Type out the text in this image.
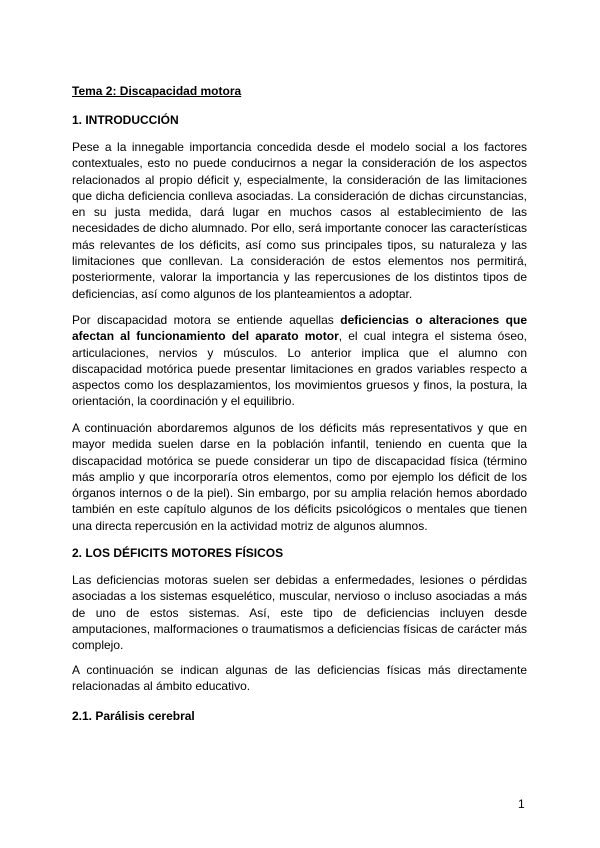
Tema 2: Discapacidad motora
1. INTRODUCCIÓN

Pese a la innegable importancia concedida desde el modelo social a los factores contextuales, esto no puede conducirnos a negar la consideración de los aspectos relacionados al propio déficit y, especialmente, la consideración de las limitaciones que dicha deficiencia conlleva asociadas. La consideración de dichas circunstancias, en su justa medida, dará lugar en muchos casos al establecimiento de las necesidades de dicho alumnado. Por ello, será importante conocer las características más relevantes de los déficits, así como sus principales tipos, su naturaleza y las limitaciones que conllevan. La consideración de estos elementos nos permitirá, posteriormente, valorar la importancia y las repercusiones de los distintos tipos de deficiencias, así como algunos de los planteamientos a adoptar.

Por discapacidad motora se entiende aquellas deficiencias o alteraciones que afectan al funcionamiento del aparato motor, el cual integra el sistema óseo, articulaciones, nervios y músculos. Lo anterior implica que el alumno con discapacidad motórica puede presentar limitaciones en grados variables respecto a aspectos como los desplazamientos, los movimientos gruesos y finos, la postura, la orientación, la coordinación y el equilibrio.

A continuación abordaremos algunos de los déficits más representativos y que en mayor medida suelen darse en la población infantil, teniendo en cuenta que la discapacidad motórica se puede considerar un tipo de discapacidad física (término más amplio y que incorporaría otros elementos, como por ejemplo los déficit de los órganos internos o de la piel). Sin embargo, por su amplia relación hemos abordado también en este capítulo algunos de los déficits psicológicos o mentales que tienen una directa repercusión en la actividad motriz de algunos alumnos.

2. LOS DÉFICITS MOTORES FÍSICOS

Las deficiencias motoras suelen ser debidas a enfermedades, lesiones o pérdidas asociadas a los sistemas esquelético, muscular, nervioso o incluso asociadas a más de uno de estos sistemas. Así, este tipo de deficiencias incluyen desde amputaciones, malformaciones o traumatismos a deficiencias físicas de carácter más complejo.

A continuación se indican algunas de las deficiencias físicas más directamente relacionadas al ámbito educativo.

2.1. Parálisis cerebral
1
